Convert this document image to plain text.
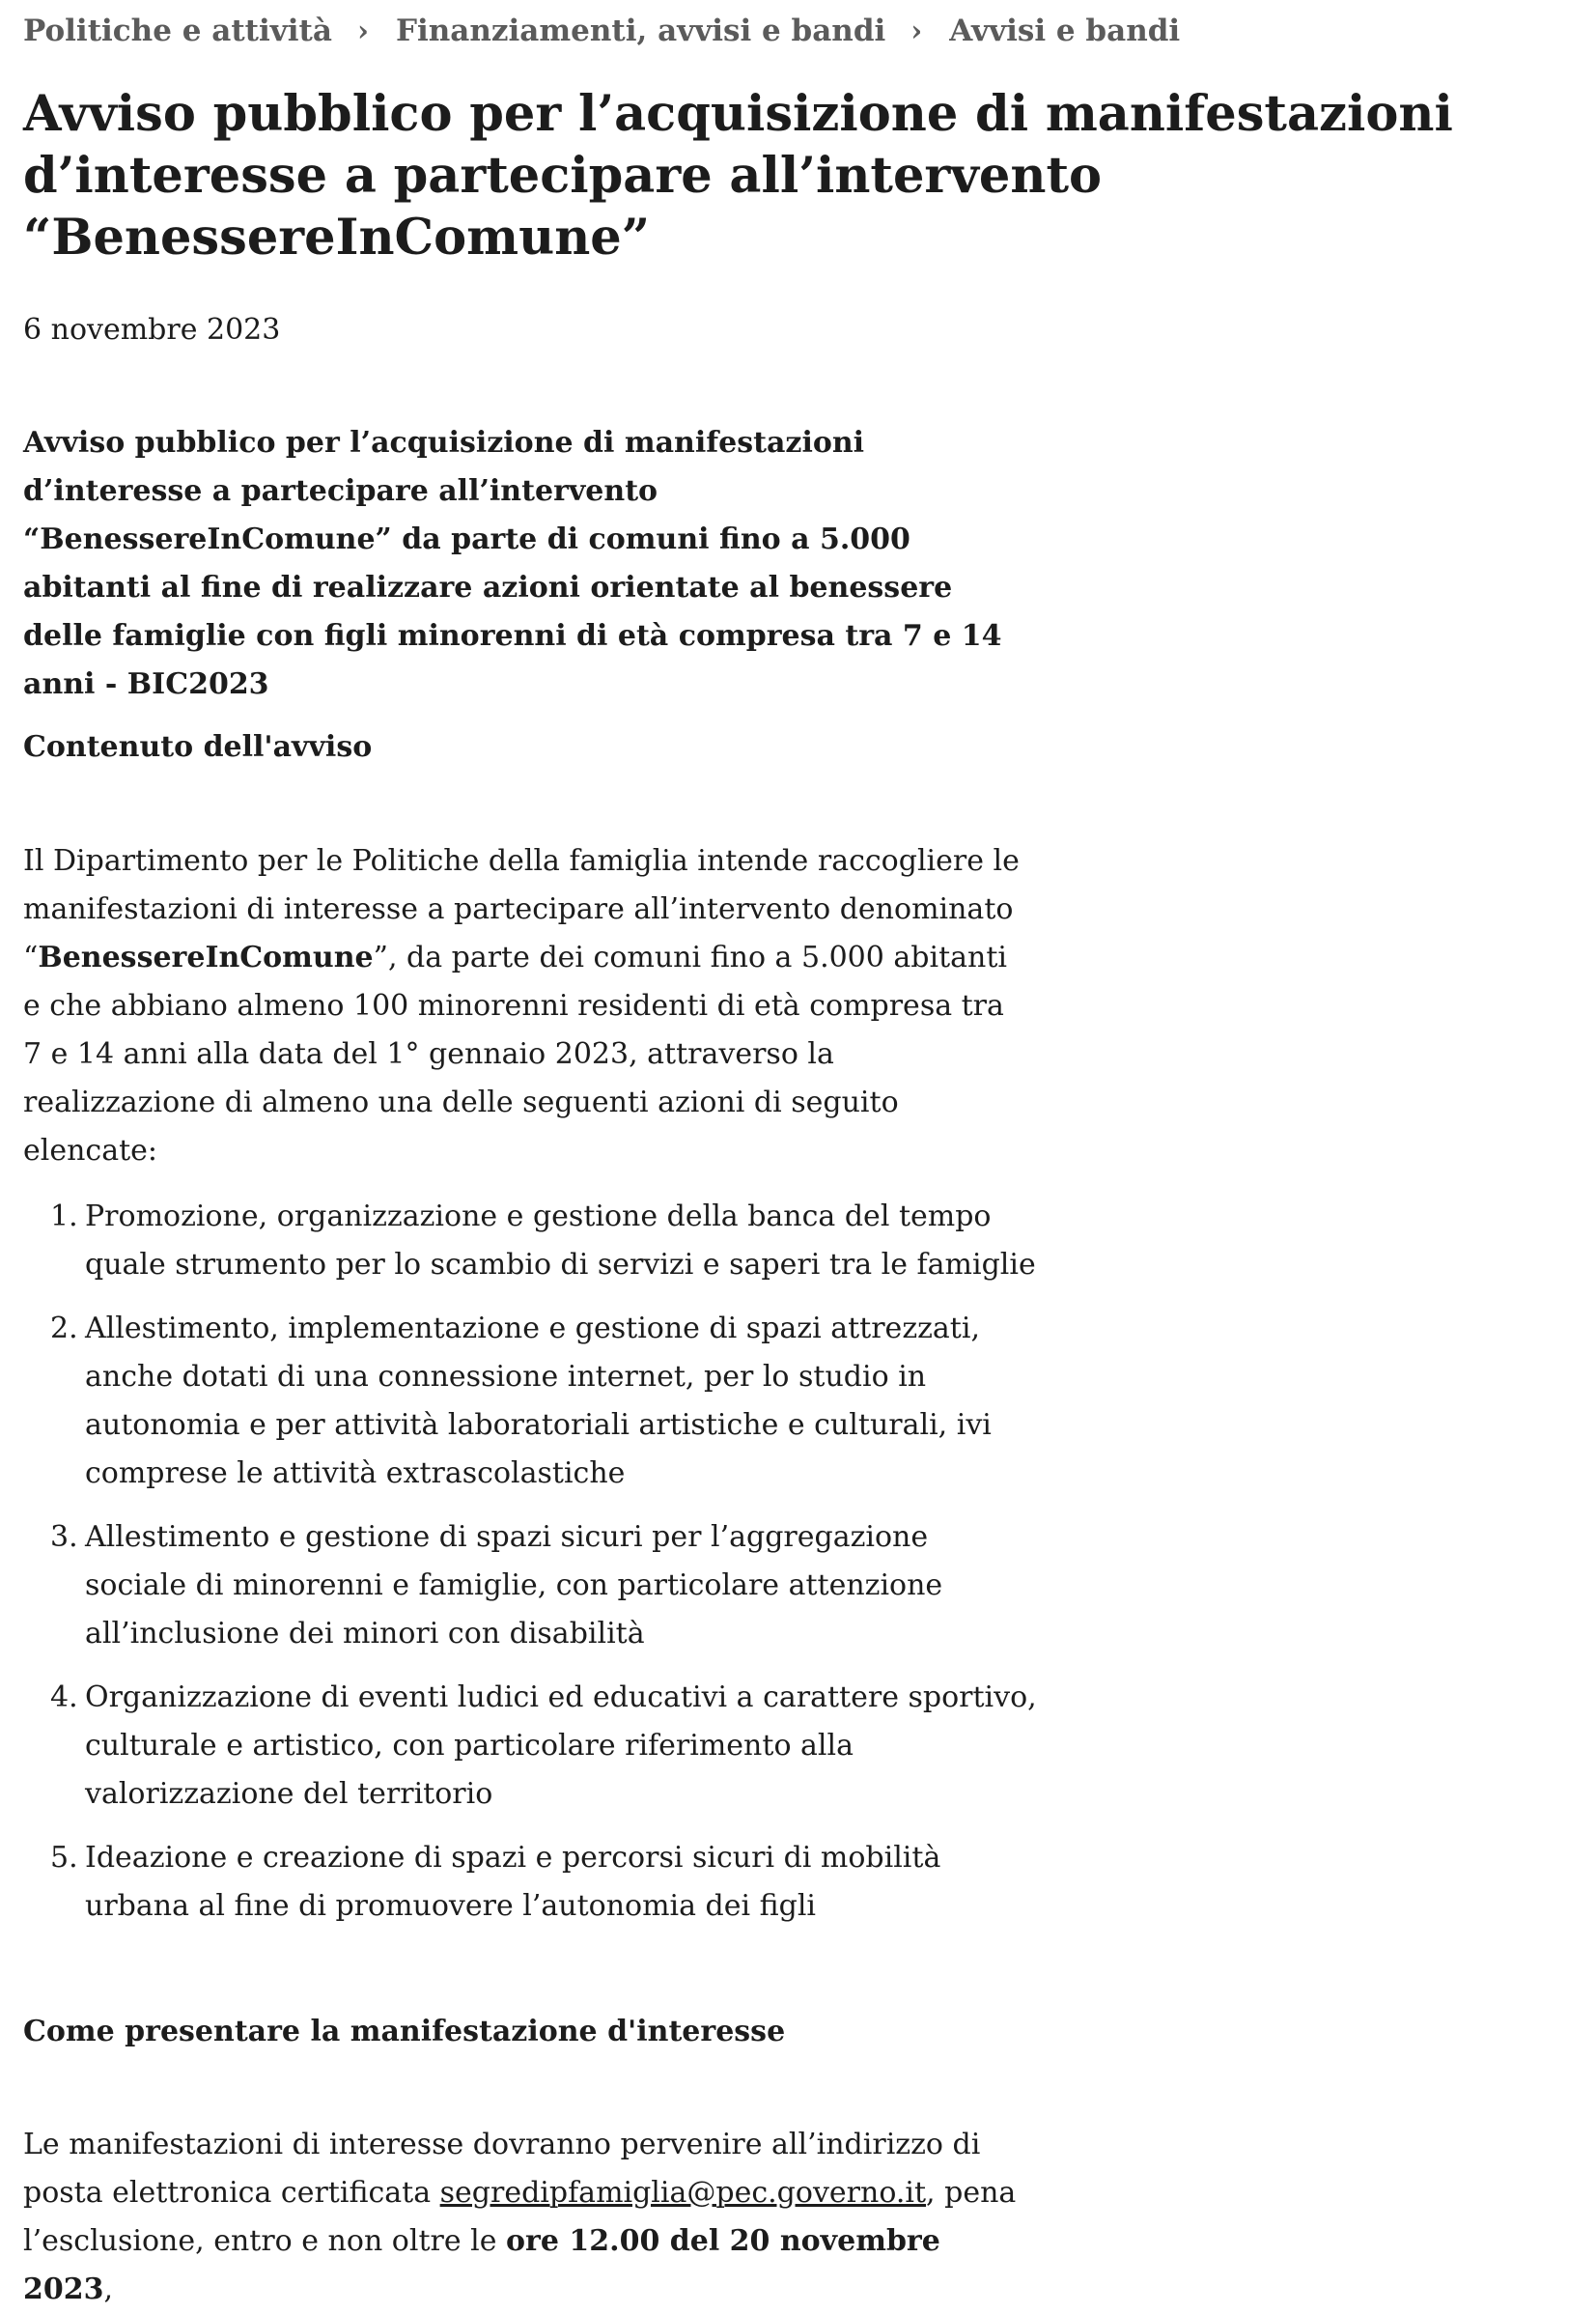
Politiche e attività › Finanziamenti, avvisi e bandi › Avvisi e bandi
Avviso pubblico per l’acquisizione di manifestazioni d’interesse a partecipare all’intervento “BenessereInComune”
6 novembre 2023

Avviso pubblico per l’acquisizione di manifestazioni d’interesse a partecipare all’intervento “BenessereInComune” da parte di comuni fino a 5.000 abitanti al fine di realizzare azioni orientate al benessere delle famiglie con figli minorenni di età compresa tra 7 e 14 anni - BIC2023

Contenuto dell'avviso

Il Dipartimento per le Politiche della famiglia intende raccogliere le manifestazioni di interesse a partecipare all’intervento denominato “BenessereInComune”, da parte dei comuni fino a 5.000 abitanti e che abbiano almeno 100 minorenni residenti di età compresa tra 7 e 14 anni alla data del 1° gennaio 2023, attraverso la realizzazione di almeno una delle seguenti azioni di seguito elencate:

1. Promozione, organizzazione e gestione della banca del tempo quale strumento per lo scambio di servizi e saperi tra le famiglie
2. Allestimento, implementazione e gestione di spazi attrezzati, anche dotati di una connessione internet, per lo studio in autonomia e per attività laboratoriali artistiche e culturali, ivi comprese le attività extrascolastiche
3. Allestimento e gestione di spazi sicuri per l’aggregazione sociale di minorenni e famiglie, con particolare attenzione all’inclusione dei minori con disabilità
4. Organizzazione di eventi ludici ed educativi a carattere sportivo, culturale e artistico, con particolare riferimento alla valorizzazione del territorio
5. Ideazione e creazione di spazi e percorsi sicuri di mobilità urbana al fine di promuovere l’autonomia dei figli
Come presentare la manifestazione d'interesse

Le manifestazioni di interesse dovranno pervenire all’indirizzo di posta elettronica certificata segredipfamiglia@pec.governo.it, pena l’esclusione, entro e non oltre le ore 12.00 del 20 novembre 2023,
